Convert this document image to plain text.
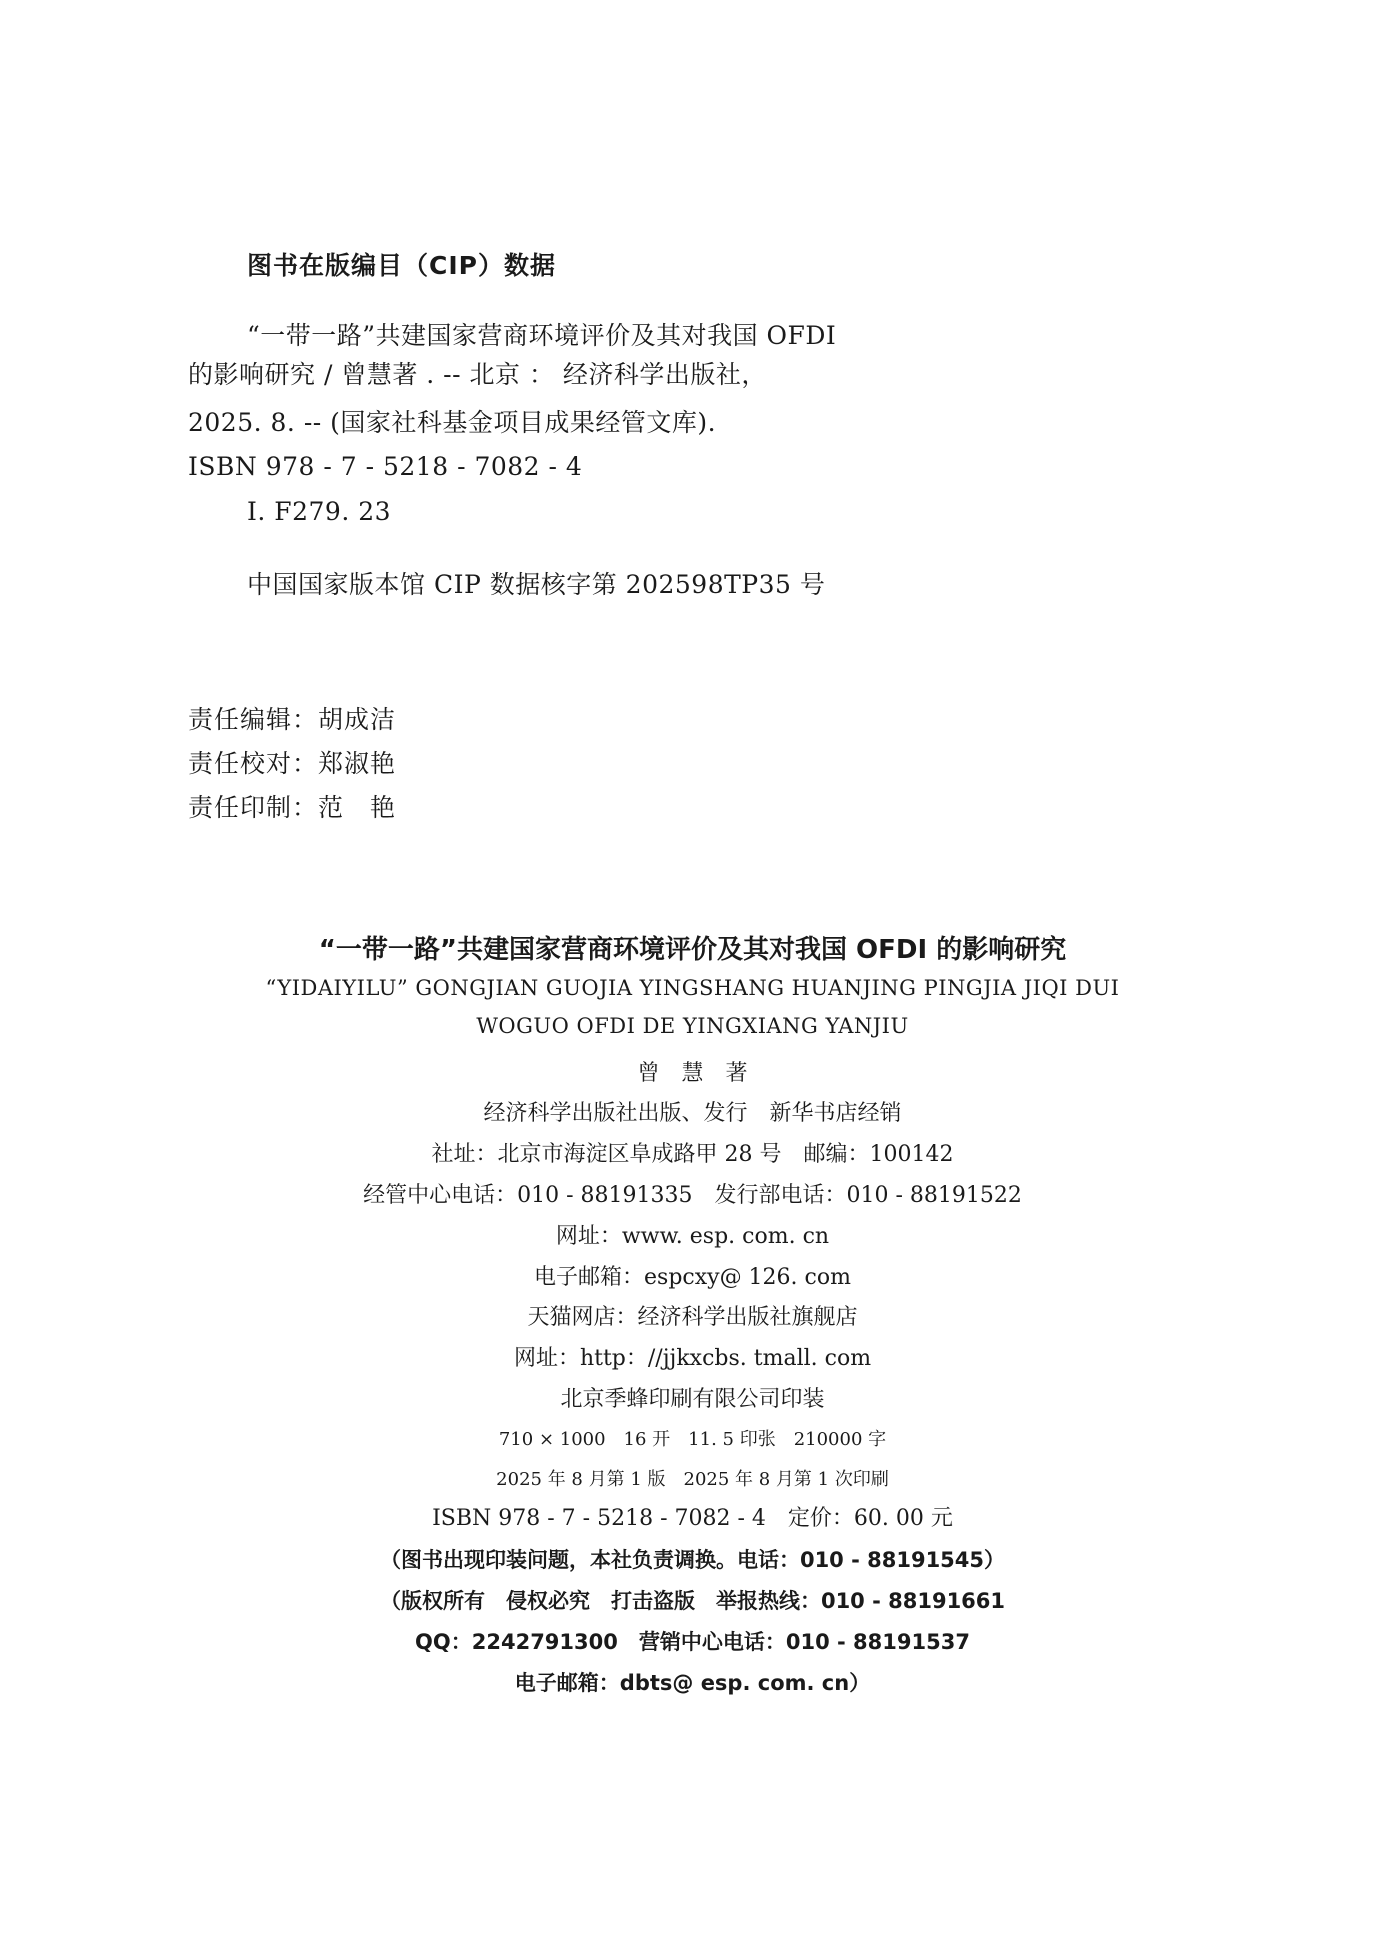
图书在版编目（CIP）数据
“一带一路”共建国家营商环境评价及其对我国 OFDI
的影响研究 / 曾慧著 . -- 北京 ： 经济科学出版社，
2025. 8. -- (国家社科基金项目成果经管文库).
ISBN 978 - 7 - 5218 - 7082 - 4
Ⅰ. F279. 23
中国国家版本馆 CIP 数据核字第 202598TP35 号
责任编辑：胡成洁
责任校对：郑淑艳
责任印制：范　艳
“一带一路”共建国家营商环境评价及其对我国 OFDI 的影响研究
“YIDAIYILU” GONGJIAN GUOJIA YINGSHANG HUANJING PINGJIA JIQI DUI
WOGUO OFDI DE YINGXIANG YANJIU
曾　慧　著
经济科学出版社出版、发行　新华书店经销
社址：北京市海淀区阜成路甲 28 号　邮编：100142
经管中心电话：010 - 88191335　发行部电话：010 - 88191522
网址：www. esp. com. cn
电子邮箱：espcxy@ 126. com
天猫网店：经济科学出版社旗舰店
网址：http：//jjkxcbs. tmall. com
北京季蜂印刷有限公司印装
710 × 1000　16 开　11. 5 印张　210000 字
2025 年 8 月第 1 版　2025 年 8 月第 1 次印刷
ISBN 978 - 7 - 5218 - 7082 - 4　定价：60. 00 元
（图书出现印装问题，本社负责调换。电话：010 - 88191545）
（版权所有　侵权必究　打击盗版　举报热线：010 - 88191661
QQ：2242791300　营销中心电话：010 - 88191537
电子邮箱：dbts@ esp. com. cn）
